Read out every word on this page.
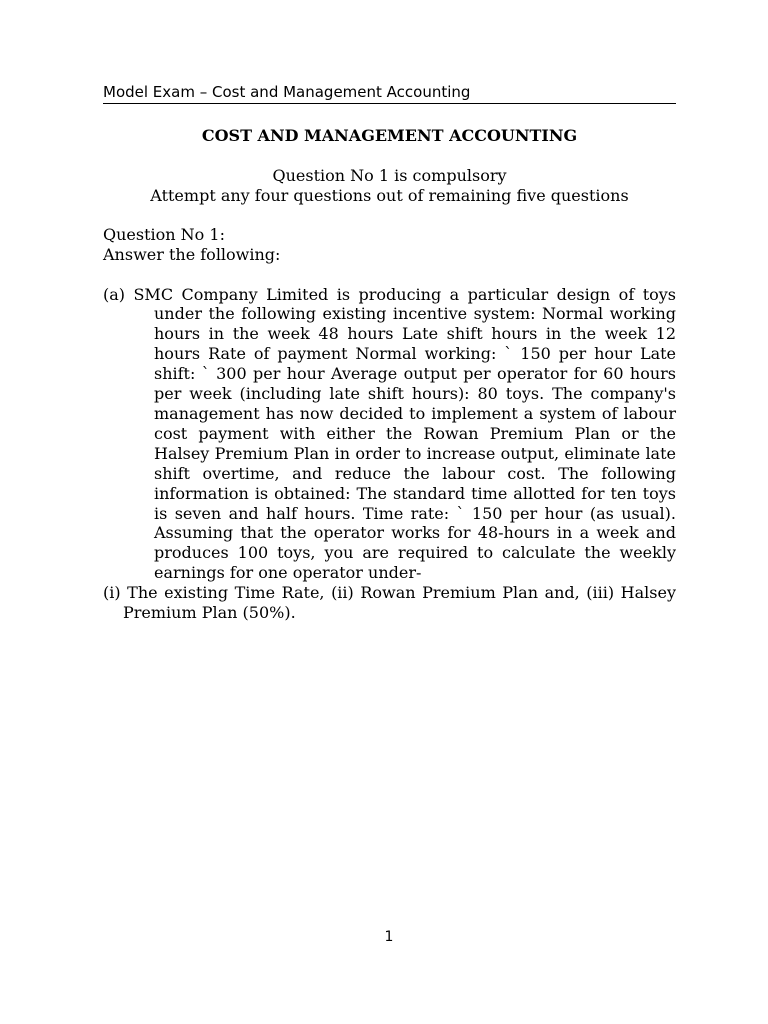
Model Exam – Cost and Management Accounting
COST AND MANAGEMENT ACCOUNTING
Question No 1 is compulsory
Attempt any four questions out of remaining five questions
Question No 1:
Answer the following:
(a) SMC Company Limited is producing a particular design of toys under the following existing incentive system: Normal working hours in the week 48 hours Late shift hours in the week 12 hours Rate of payment Normal working: ` 150 per hour Late shift: ` 300 per hour Average output per operator for 60 hours per week (including late shift hours): 80 toys. The company's management has now decided to implement a system of labour cost payment with either the Rowan Premium Plan or the Halsey Premium Plan in order to increase output, eliminate late shift overtime, and reduce the labour cost. The following information is obtained: The standard time allotted for ten toys is seven and half hours. Time rate: ` 150 per hour (as usual). Assuming that the operator works for 48-hours in a week and produces 100 toys, you are required to calculate the weekly earnings for one operator under-
(i) The existing Time Rate, (ii) Rowan Premium Plan and, (iii) Halsey Premium Plan (50%).
1
